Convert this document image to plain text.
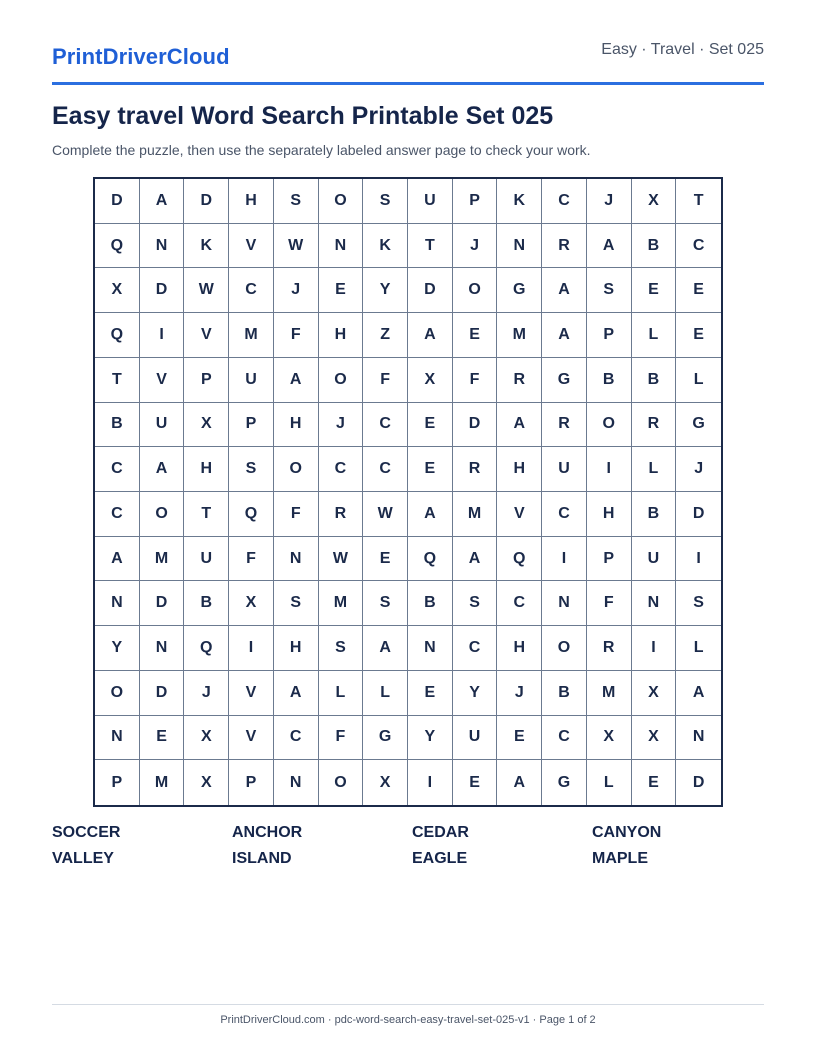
PrintDriverCloud	Easy · Travel · Set 025
Easy travel Word Search Printable Set 025
Complete the puzzle, then use the separately labeled answer page to check your work.
D	A	D	H	S	O	S	U	P	K	C	J	X	T
Q	N	K	V	W	N	K	T	J	N	R	A	B	C
X	D	W	C	J	E	Y	D	O	G	A	S	E	E
Q	I	V	M	F	H	Z	A	E	M	A	P	L	E
T	V	P	U	A	O	F	X	F	R	G	B	B	L
B	U	X	P	H	J	C	E	D	A	R	O	R	G
C	A	H	S	O	C	C	E	R	H	U	I	L	J
C	O	T	Q	F	R	W	A	M	V	C	H	B	D
A	M	U	F	N	W	E	Q	A	Q	I	P	U	I
N	D	B	X	S	M	S	B	S	C	N	F	N	S
Y	N	Q	I	H	S	A	N	C	H	O	R	I	L
O	D	J	V	A	L	L	E	Y	J	B	M	X	A
N	E	X	V	C	F	G	Y	U	E	C	X	X	N
P	M	X	P	N	O	X	I	E	A	G	L	E	D
SOCCER	ANCHOR	CEDAR	CANYON
VALLEY	ISLAND	EAGLE	MAPLE
PrintDriverCloud.com · pdc-word-search-easy-travel-set-025-v1 · Page 1 of 2
